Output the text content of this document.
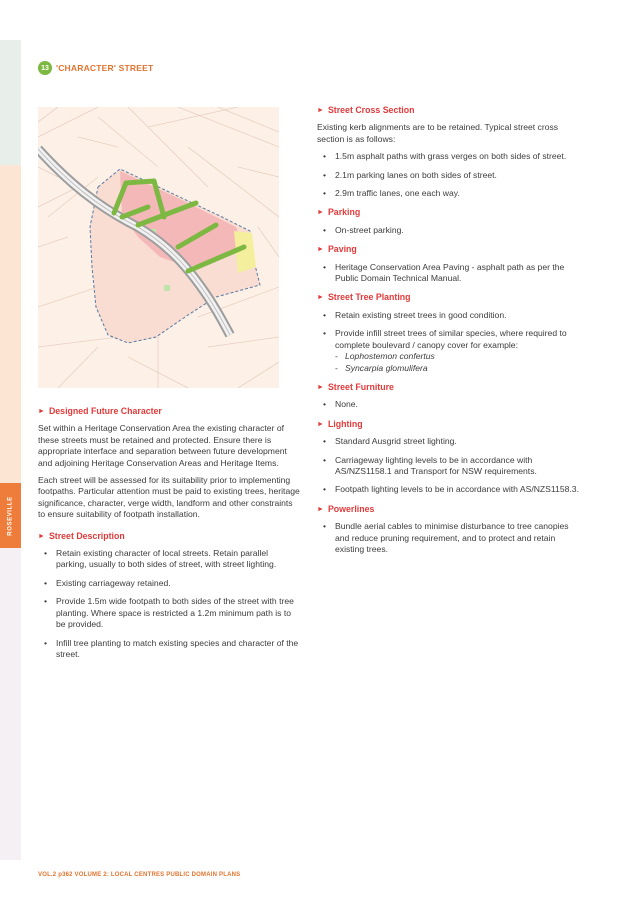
ROSEVILLE
13 'CHARACTER' STREET
► Designed Future Character

Set within a Heritage Conservation Area the existing character of these streets must be retained and protected. Ensure there is appropriate interface and separation between future development and adjoining Heritage Conservation Areas and Heritage Items.

Each street will be assessed for its suitability prior to implementing footpaths. Particular attention must be paid to existing trees, heritage significance, character, verge width, landform and other constraints to ensure suitability of footpath installation.

► Street Description
• Retain existing character of local streets. Retain parallel parking, usually to both sides of street, with street lighting.
• Existing carriageway retained.
• Provide 1.5m wide footpath to both sides of the street with tree planting. Where space is restricted a 1.2m minimum path is to be provided.
• Infill tree planting to match existing species and character of the street.
► Street Cross Section

Existing kerb alignments are to be retained. Typical street cross section is as follows:

• 1.5m asphalt paths with grass verges on both sides of street.
• 2.1m parking lanes on both sides of street.
• 2.9m traffic lanes, one each way.
► Parking
• On-street parking.
► Paving
• Heritage Conservation Area Paving - asphalt path as per the Public Domain Technical Manual.
► Street Tree Planting
• Retain existing street trees in good condition.
• Provide infill street trees of similar species, where required to complete boulevard / canopy cover for example:
- Lophostemon confertus
- Syncarpia glomulifera
► Street Furniture
• None.
► Lighting
• Standard Ausgrid street lighting.
• Carriageway lighting levels to be in accordance with AS/NZS1158.1 and Transport for NSW requirements.
• Footpath lighting levels to be in accordance with AS/NZS1158.3.
► Powerlines
• Bundle aerial cables to minimise disturbance to tree canopies and reduce pruning requirement, and to protect and retain existing trees.
VOL.2 p362 VOLUME 2: LOCAL CENTRES PUBLIC DOMAIN PLANS
